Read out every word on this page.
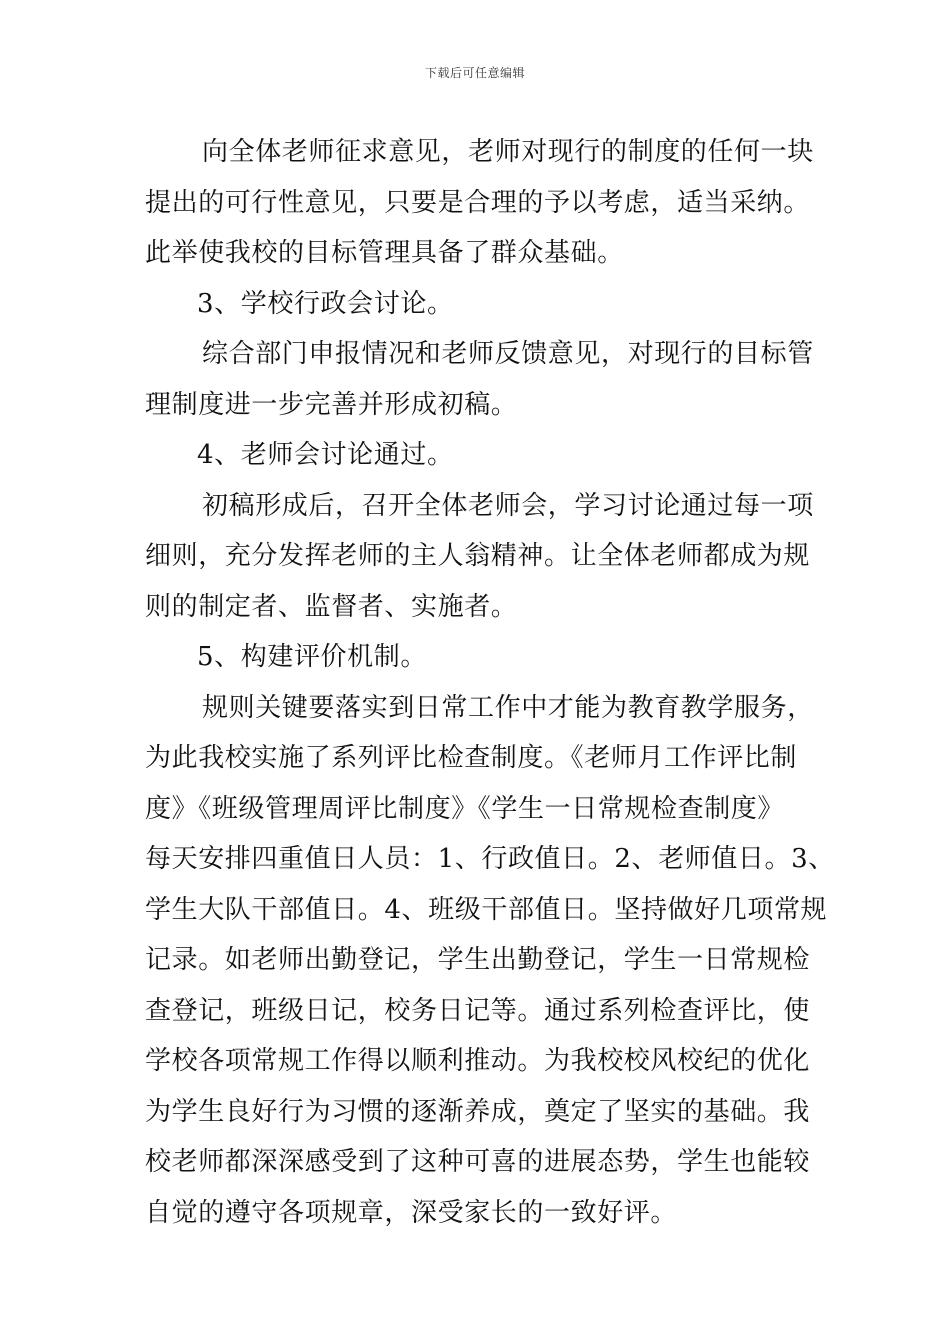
下载后可任意编辑
向全体老师征求意见，老师对现行的制度的任何一块
提出的可行性意见，只要是合理的予以考虑，适当采纳。
此举使我校的目标管理具备了群众基础。
3、学校行政会讨论。
综合部门申报情况和老师反馈意见，对现行的目标管
理制度进一步完善并形成初稿。
4、老师会讨论通过。
初稿形成后，召开全体老师会，学习讨论通过每一项
细则，充分发挥老师的主人翁精神。让全体老师都成为规
则的制定者、监督者、实施者。
5、构建评价机制。
规则关键要落实到日常工作中才能为教育教学服务，
为此我校实施了系列评比检查制度。《老师月工作评比制
度》《班级管理周评比制度》《学生一日常规检查制度》
每天安排四重值日人员：1、行政值日。2、老师值日。3、
学生大队干部值日。4、班级干部值日。坚持做好几项常规
记录。如老师出勤登记，学生出勤登记，学生一日常规检
查登记，班级日记，校务日记等。通过系列检查评比，使
学校各项常规工作得以顺利推动。为我校校风校纪的优化
为学生良好行为习惯的逐渐养成，奠定了坚实的基础。我
校老师都深深感受到了这种可喜的进展态势，学生也能较
自觉的遵守各项规章，深受家长的一致好评。
